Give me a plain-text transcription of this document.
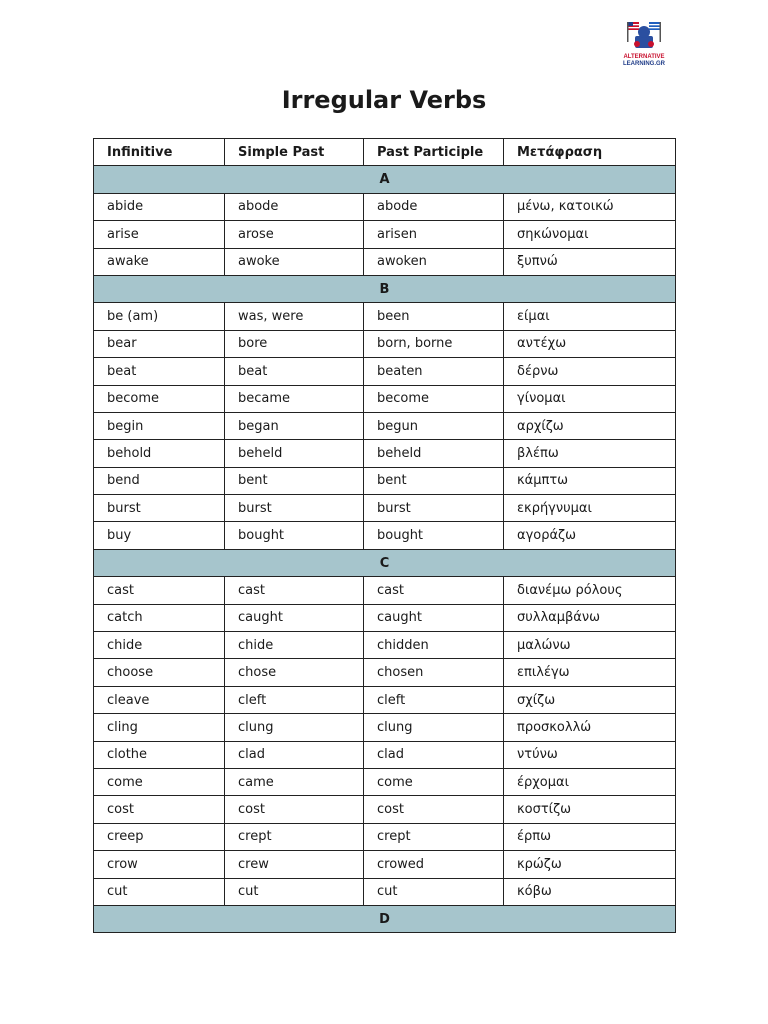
ALTERNATIVE
LEARNING.GR
Irregular Verbs
Infinitive	Simple Past	Past Participle	Μετάφραση
A			
abide	abode	abode	μένω, κατοικώ
arise	arose	arisen	σηκώνομαι
awake	awoke	awoken	ξυπνώ
B			
be (am)	was, were	been	είμαι
bear	bore	born, borne	αντέχω
beat	beat	beaten	δέρνω
become	became	become	γίνομαι
begin	began	begun	αρχίζω
behold	beheld	beheld	βλέπω
bend	bent	bent	κάμπτω
burst	burst	burst	εκρήγνυμαι
buy	bought	bought	αγοράζω
C			
cast	cast	cast	διανέμω ρόλους
catch	caught	caught	συλλαμβάνω
chide	chide	chidden	μαλώνω
choose	chose	chosen	επιλέγω
cleave	cleft	cleft	σχίζω
cling	clung	clung	προσκολλώ
clothe	clad	clad	ντύνω
come	came	come	έρχομαι
cost	cost	cost	κοστίζω
creep	crept	crept	έρπω
crow	crew	crowed	κρώζω
cut	cut	cut	κόβω
D			
